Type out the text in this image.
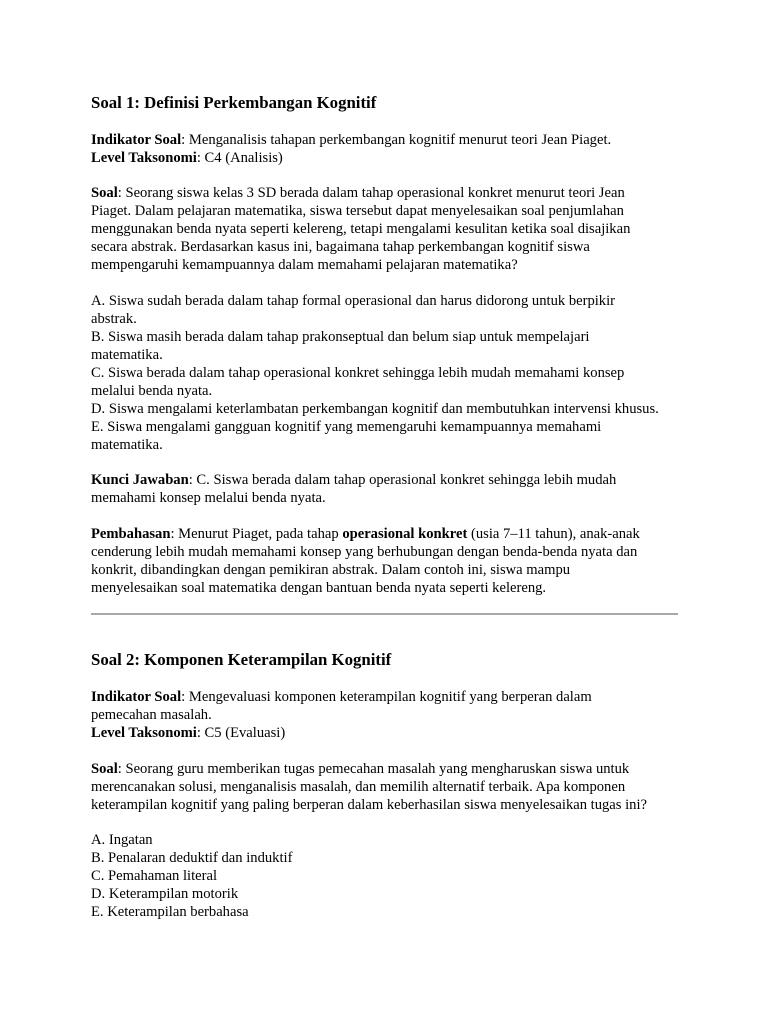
Soal 1: Definisi Perkembangan Kognitif

Indikator Soal: Menganalisis tahapan perkembangan kognitif menurut teori Jean Piaget.

Level Taksonomi: C4 (Analisis)

Soal: Seorang siswa kelas 3 SD berada dalam tahap operasional konkret menurut teori Jean
Piaget. Dalam pelajaran matematika, siswa tersebut dapat menyelesaikan soal penjumlahan
menggunakan benda nyata seperti kelereng, tetapi mengalami kesulitan ketika soal disajikan
secara abstrak. Berdasarkan kasus ini, bagaimana tahap perkembangan kognitif siswa
mempengaruhi kemampuannya dalam memahami pelajaran matematika?

A. Siswa sudah berada dalam tahap formal operasional dan harus didorong untuk berpikir
abstrak.

B. Siswa masih berada dalam tahap prakonseptual dan belum siap untuk mempelajari
matematika.

C. Siswa berada dalam tahap operasional konkret sehingga lebih mudah memahami konsep
melalui benda nyata.

D. Siswa mengalami keterlambatan perkembangan kognitif dan membutuhkan intervensi khusus.

E. Siswa mengalami gangguan kognitif yang memengaruhi kemampuannya memahami
matematika.

Kunci Jawaban: C. Siswa berada dalam tahap operasional konkret sehingga lebih mudah
memahami konsep melalui benda nyata.

Pembahasan: Menurut Piaget, pada tahap operasional konkret (usia 7–11 tahun), anak-anak
cenderung lebih mudah memahami konsep yang berhubungan dengan benda-benda nyata dan
konkrit, dibandingkan dengan pemikiran abstrak. Dalam contoh ini, siswa mampu
menyelesaikan soal matematika dengan bantuan benda nyata seperti kelereng.

Soal 2: Komponen Keterampilan Kognitif

Indikator Soal: Mengevaluasi komponen keterampilan kognitif yang berperan dalam
pemecahan masalah.

Level Taksonomi: C5 (Evaluasi)

Soal: Seorang guru memberikan tugas pemecahan masalah yang mengharuskan siswa untuk
merencanakan solusi, menganalisis masalah, dan memilih alternatif terbaik. Apa komponen
keterampilan kognitif yang paling berperan dalam keberhasilan siswa menyelesaikan tugas ini?

A. Ingatan

B. Penalaran deduktif dan induktif

C. Pemahaman literal

D. Keterampilan motorik

E. Keterampilan berbahasa
